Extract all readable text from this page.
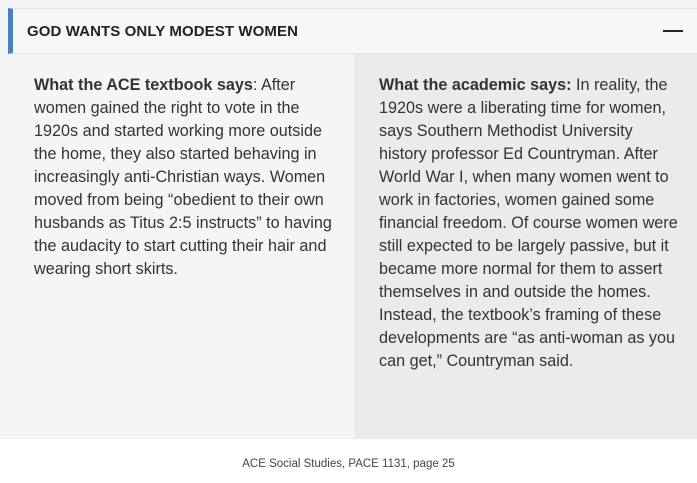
GOD WANTS ONLY MODEST WOMEN
What the ACE textbook says: After women gained the right to vote in the 1920s and started working more outside the home, they also started behaving in increasingly anti-Christian ways. Women moved from being “obedient to their own husbands as Titus 2:5 instructs” to having the audacity to start cutting their hair and wearing short skirts.
What the academic says: In reality, the 1920s were a liberating time for women, says Southern Methodist University history professor Ed Countryman. After World War I, when many women went to work in factories, women gained some financial freedom. Of course women were still expected to be largely passive, but it became more normal for them to assert themselves in and outside the homes. Instead, the textbook’s framing of these developments are “as anti-woman as you can get,” Countryman said.
ACE Social Studies, PACE 1131, page 25
